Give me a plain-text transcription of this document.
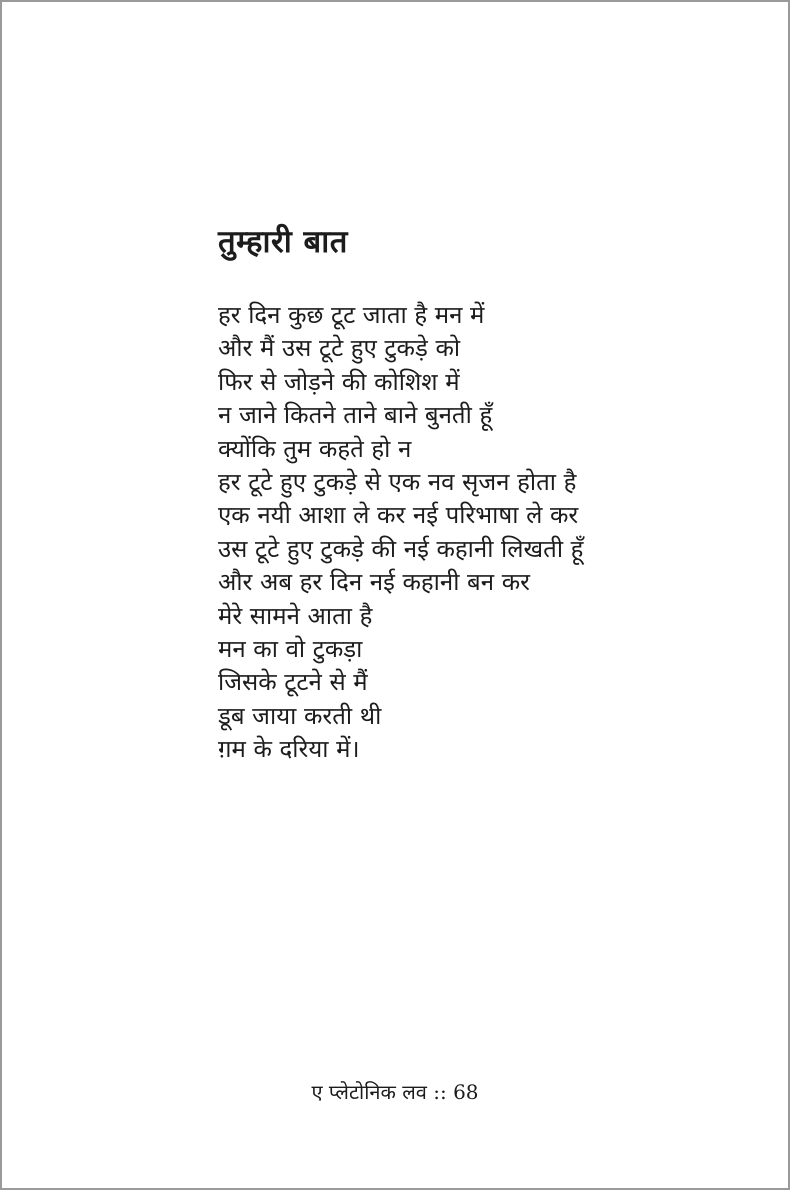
तुम्हारी बात
हर दिन कुछ टूट जाता है मन में
और मैं उस टूटे हुए टुकड़े को
फिर से जोड़ने की कोशिश में
न जाने कितने ताने बाने बुनती हूँ
क्योंकि तुम कहते हो न
हर टूटे हुए टुकड़े से एक नव सृजन होता है
एक नयी आशा ले कर नई परिभाषा ले कर
उस टूटे हुए टुकड़े की नई कहानी लिखती हूँ
और अब हर दिन नई कहानी बन कर
मेरे सामने आता है
मन का वो टुकड़ा
जिसके टूटने से मैं
डूब जाया करती थी
ग़म के दरिया में।
ए प्लेटोनिक लव :: 68
